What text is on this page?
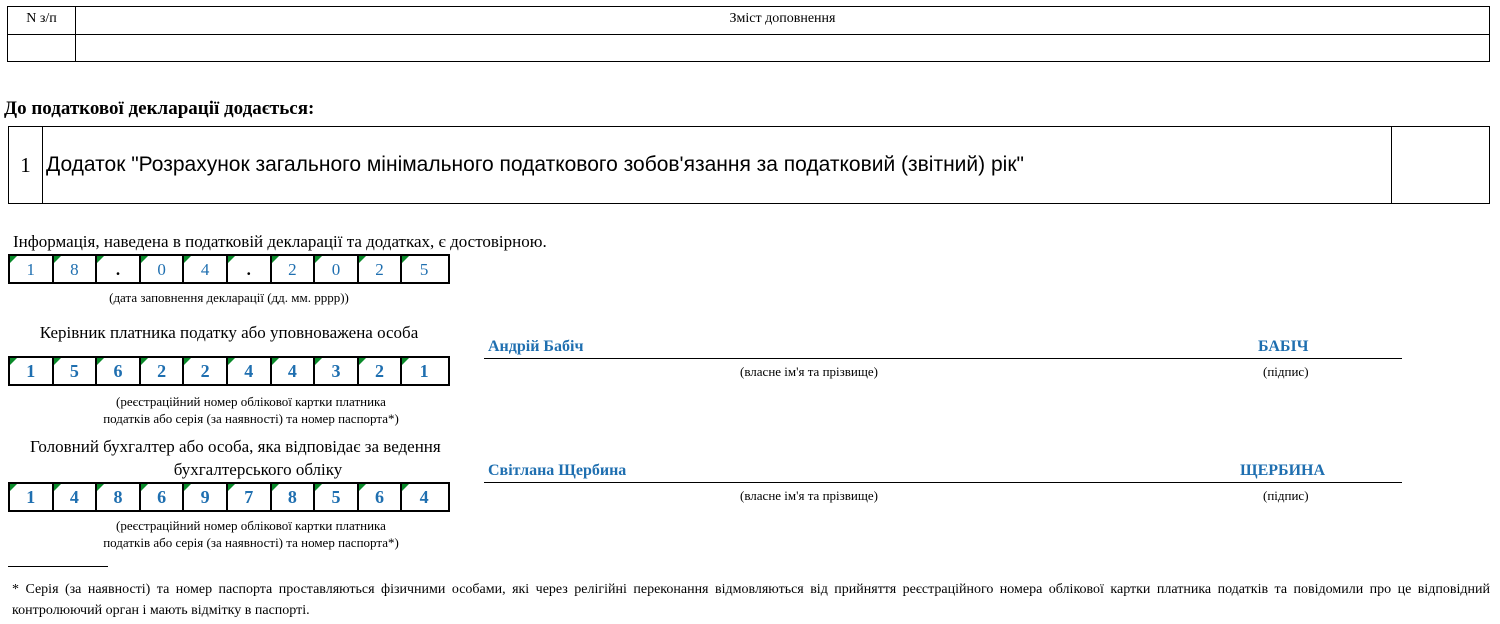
N з/п	Зміст доповнення
До податкової декларації додається:
1 Додаток "Розрахунок загального мінімального податкового зобов'язання за податковий (звітний) рік"
Інформація, наведена в податковій декларації та додатках, є достовірною.
1	8	.	0	4	.	2	0	2	5
(дата заповнення декларації (дд. мм. рррр))
Керівник платника податку або уповноважена особа
1	5	6	2	2	4	4	3	2	1
(реєстраційний номер облікової картки платника
податків або серія (за наявності) та номер паспорта*)
Андрій Бабіч	БАБІЧ
(власне ім'я та прізвище)	(підпис)
Головний бухгалтер або особа, яка відповідає за ведення
бухгалтерського обліку
1	4	8	6	9	7	8	5	6	4
(реєстраційний номер облікової картки платника
податків або серія (за наявності) та номер паспорта*)
Світлана Щербина	ЩЕРБИНА
(власне ім'я та прізвище)	(підпис)
* Серія (за наявності) та номер паспорта проставляються фізичними особами, які через релігійні переконання відмовляються від прийняття реєстраційного номера облікової картки платника податків та повідомили про це відповідний контролюючий орган і мають відмітку в паспорті.
